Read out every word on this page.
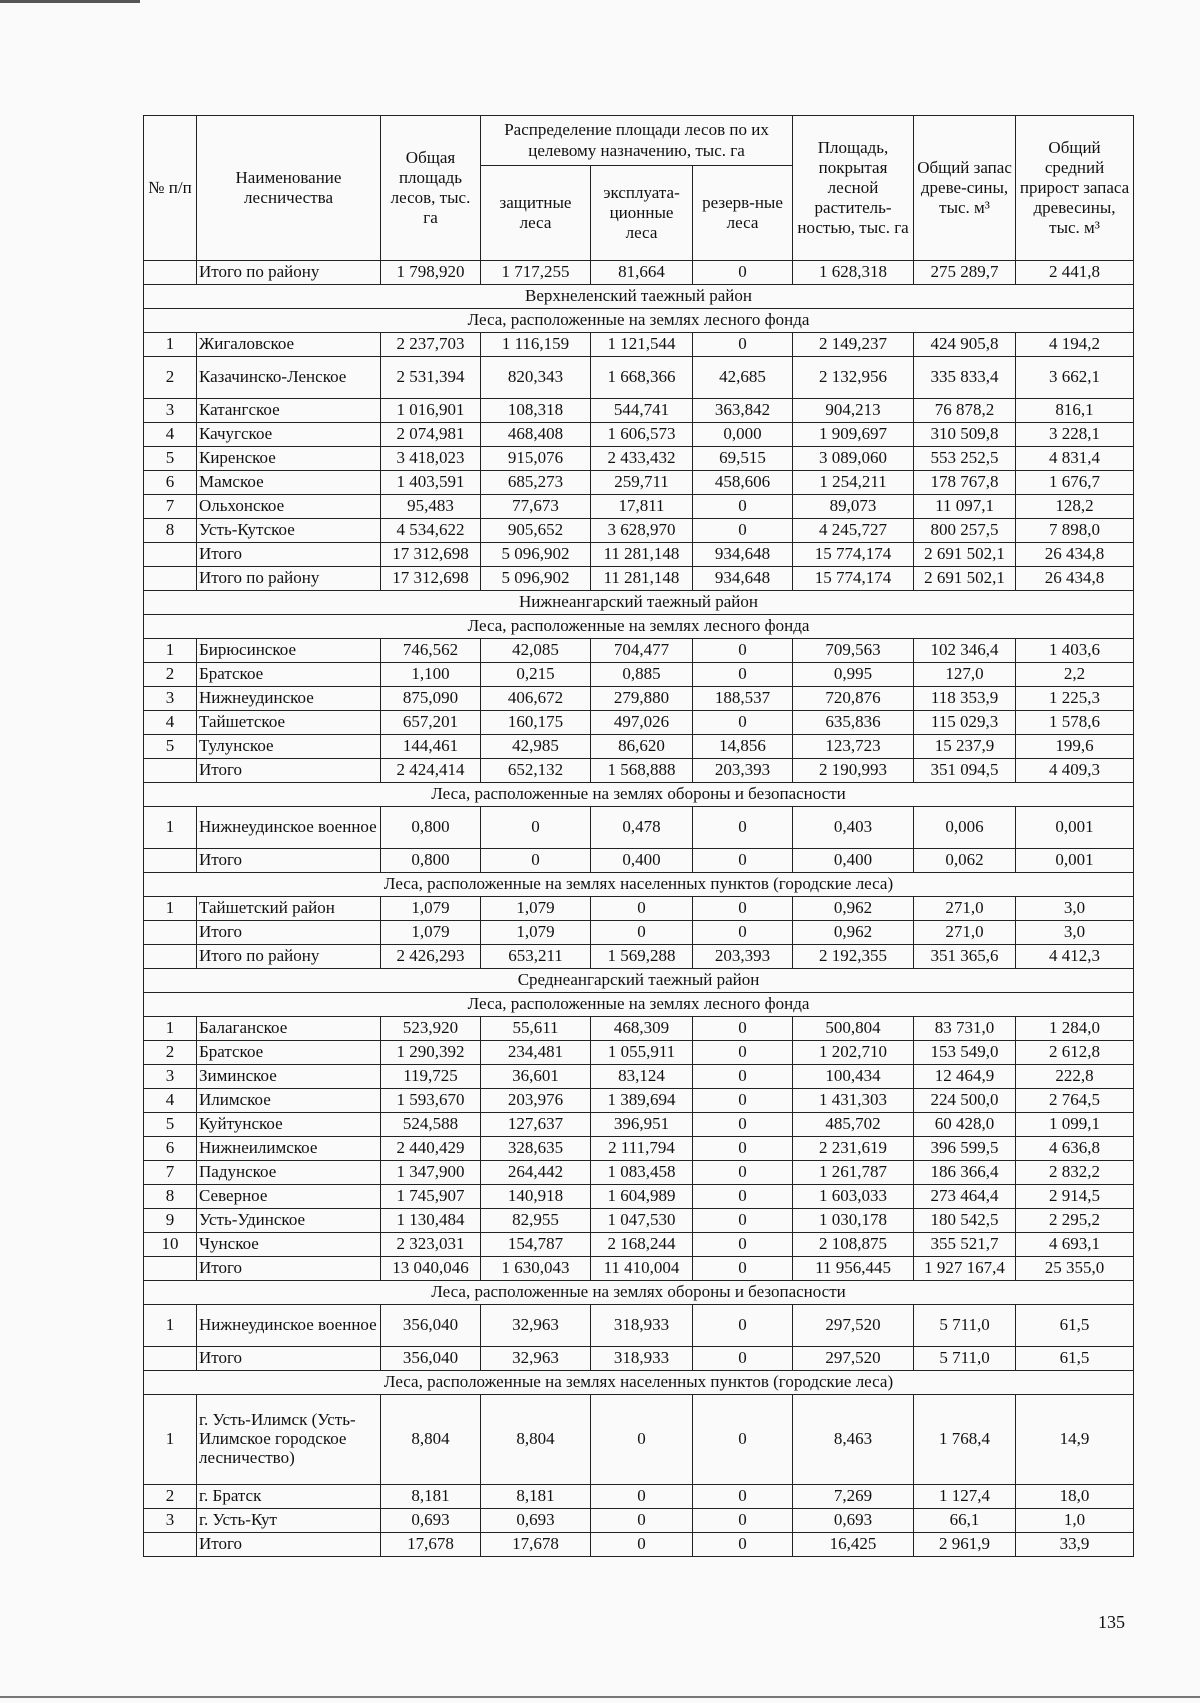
№ п/п	Наименование лесничества	Общая площадь лесов, тыс. га	Распределение площади лесов по их целевому назначению, тыс. га			Площадь, покрытая лесной раститель-ностью, тыс. га	Общий запас древе-сины, тыс. м³	Общий средний прирост запаса древесины, тыс. м³
			защитные леса	эксплуата-ционные леса	резерв-ные леса			
	Итого по району	1 798,920	1 717,255	81,664	0	1 628,318	275 289,7	2 441,8
Верхнеленский таежный район								
Леса, расположенные на землях лесного фонда								
1	Жигаловское	2 237,703	1 116,159	1 121,544	0	2 149,237	424 905,8	4 194,2
2	Казачинско-Ленское	2 531,394	820,343	1 668,366	42,685	2 132,956	335 833,4	3 662,1
3	Катангское	1 016,901	108,318	544,741	363,842	904,213	76 878,2	816,1
4	Качугское	2 074,981	468,408	1 606,573	0,000	1 909,697	310 509,8	3 228,1
5	Киренское	3 418,023	915,076	2 433,432	69,515	3 089,060	553 252,5	4 831,4
6	Мамское	1 403,591	685,273	259,711	458,606	1 254,211	178 767,8	1 676,7
7	Ольхонское	95,483	77,673	17,811	0	89,073	11 097,1	128,2
8	Усть-Кутское	4 534,622	905,652	3 628,970	0	4 245,727	800 257,5	7 898,0
	Итого	17 312,698	5 096,902	11 281,148	934,648	15 774,174	2 691 502,1	26 434,8
	Итого по району	17 312,698	5 096,902	11 281,148	934,648	15 774,174	2 691 502,1	26 434,8
Нижнеангарский таежный район								
Леса, расположенные на землях лесного фонда								
1	Бирюсинское	746,562	42,085	704,477	0	709,563	102 346,4	1 403,6
2	Братское	1,100	0,215	0,885	0	0,995	127,0	2,2
3	Нижнеудинское	875,090	406,672	279,880	188,537	720,876	118 353,9	1 225,3
4	Тайшетское	657,201	160,175	497,026	0	635,836	115 029,3	1 578,6
5	Тулунское	144,461	42,985	86,620	14,856	123,723	15 237,9	199,6
	Итого	2 424,414	652,132	1 568,888	203,393	2 190,993	351 094,5	4 409,3
Леса, расположенные на землях обороны и безопасности								
1	Нижнеудинское военное	0,800	0	0,478	0	0,403	0,006	0,001
	Итого	0,800	0	0,400	0	0,400	0,062	0,001
Леса, расположенные на землях населенных пунктов (городские леса)								
1	Тайшетский район	1,079	1,079	0	0	0,962	271,0	3,0
	Итого	1,079	1,079	0	0	0,962	271,0	3,0
	Итого по району	2 426,293	653,211	1 569,288	203,393	2 192,355	351 365,6	4 412,3
Среднеангарский таежный район								
Леса, расположенные на землях лесного фонда								
1	Балаганское	523,920	55,611	468,309	0	500,804	83 731,0	1 284,0
2	Братское	1 290,392	234,481	1 055,911	0	1 202,710	153 549,0	2 612,8
3	Зиминское	119,725	36,601	83,124	0	100,434	12 464,9	222,8
4	Илимское	1 593,670	203,976	1 389,694	0	1 431,303	224 500,0	2 764,5
5	Куйтунское	524,588	127,637	396,951	0	485,702	60 428,0	1 099,1
6	Нижнеилимское	2 440,429	328,635	2 111,794	0	2 231,619	396 599,5	4 636,8
7	Падунское	1 347,900	264,442	1 083,458	0	1 261,787	186 366,4	2 832,2
8	Северное	1 745,907	140,918	1 604,989	0	1 603,033	273 464,4	2 914,5
9	Усть-Удинское	1 130,484	82,955	1 047,530	0	1 030,178	180 542,5	2 295,2
10	Чунское	2 323,031	154,787	2 168,244	0	2 108,875	355 521,7	4 693,1
	Итого	13 040,046	1 630,043	11 410,004	0	11 956,445	1 927 167,4	25 355,0
Леса, расположенные на землях обороны и безопасности								
1	Нижнеудинское военное	356,040	32,963	318,933	0	297,520	5 711,0	61,5
	Итого	356,040	32,963	318,933	0	297,520	5 711,0	61,5
Леса, расположенные на землях населенных пунктов (городские леса)								
1	г. Усть-Илимск (Усть-Илимское городское лесничество)	8,804	8,804	0	0	8,463	1 768,4	14,9
2	г. Братск	8,181	8,181	0	0	7,269	1 127,4	18,0
3	г. Усть-Кут	0,693	0,693	0	0	0,693	66,1	1,0
	Итого	17,678	17,678	0	0	16,425	2 961,9	33,9
135
